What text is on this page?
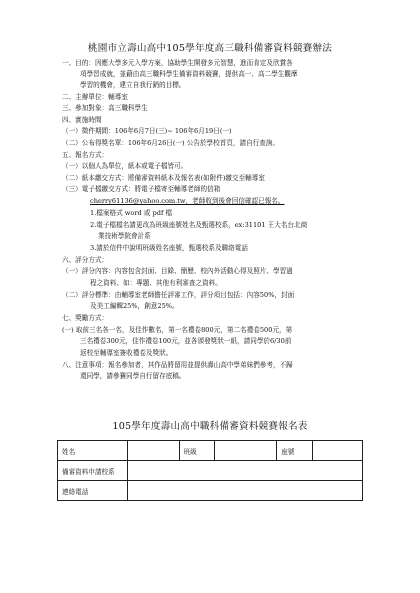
桃園市立壽山高中105學年度高三職科備審資料競賽辦法
一、目的：因應大學多元入學方案，協助學生開發多元智慧，進而肯定及欣賞各
項學習成就，並藉由高三職科學生備審資料競賽，提供高一、高二學生觀摩
學習的機會，建立自我行銷的目標。
二、主辦單位：輔導室
三、參加對象：高三職科學生
四、實施時間
（一）徵件期間：106年6月7日(三)~ 106年6月19日(一)
（二）公布得獎名單：106年6月26日(一) 公告於學校首頁，請自行查詢。
五、報名方式：
（一）以個人為單位，紙本或電子檔皆可。
（二）紙本繳交方式：將備審資料紙本及報名表(如附件)繳交至輔導室
（三）電子檔繳交方式：將電子檔寄至輔導老師的信箱
cherry61136@yahoo.com.tw，老師收到後會回信確認已報名。
1.檔案格式 word 或 pdf 檔
2.電子檔檔名請更改為班級座號姓名及甄選校系，ex:31101 王大名台北商
業技術學院會計系
3.請於信件中說明班級姓名座號，甄選校系及聯絡電話
六、評分方式：
（一）評分內容：內容包含封面、目錄、簡歷、校內外活動心得及照片、學習過
程之資料、如：專題、其他有利審查之資料。
（二）評分標準：由輔導室老師擔任評審工作，評分項目包括：內容50%，封面
及美工編輯25%，創意25%。
七、獎勵方式：
(一) 取前三名各一名，及佳作數名，第一名禮卷800元，第二名禮卷500元，第
三名禮卷300元，佳作禮卷100元，並各頒發獎狀一紙，請同學於6/30前
返校至輔導室簽收禮卷及獎狀。
八、注意事項：報名參加者，其作品將留用並提供壽山高中學弟妹們參考，不歸
還同學，請參賽同學自行留存底稿。
105學年度壽山高中職科備審資料競賽報名表
姓名		班級		座號	
備審資料申請校系					
連絡電話					
